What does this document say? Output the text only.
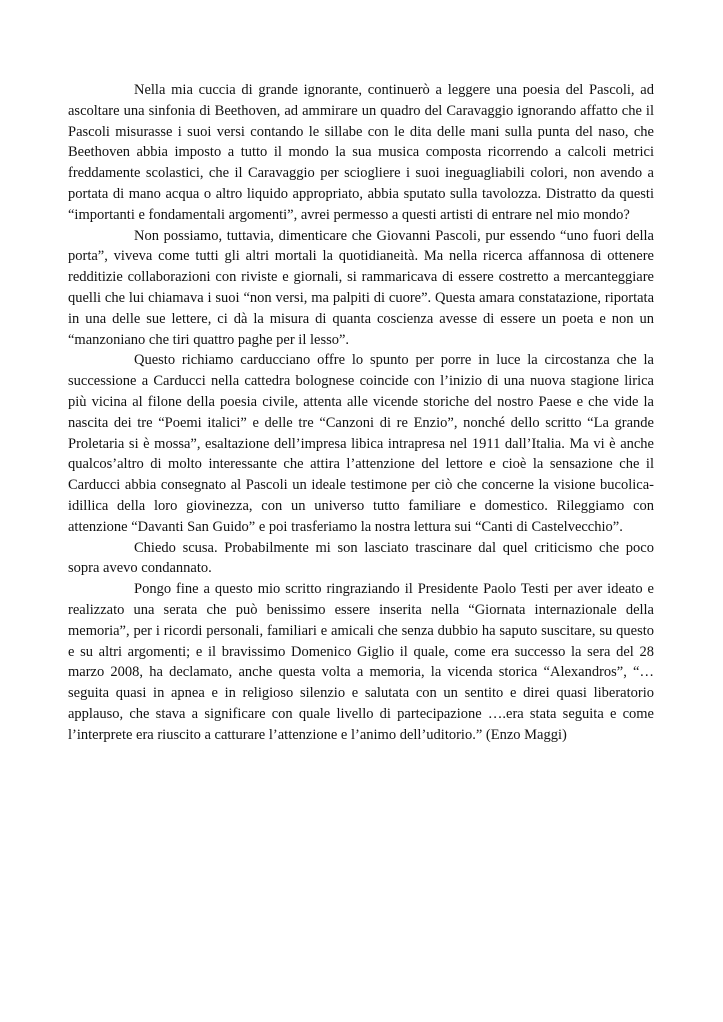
Nella mia cuccia di grande ignorante, continuerò a leggere una poesia del Pascoli, ad ascoltare una sinfonia di Beethoven, ad ammirare un quadro del Caravaggio ignorando affatto che il Pascoli misurasse i suoi versi contando le sillabe con le dita delle mani sulla punta del naso, che Beethoven abbia imposto a tutto il mondo la sua musica composta ricorrendo a calcoli metrici freddamente scolastici, che il Caravaggio per sciogliere i suoi ineguagliabili colori, non avendo a portata di mano acqua o altro liquido appropriato, abbia sputato sulla tavolozza. Distratto da questi “importanti e fondamentali argomenti”, avrei permesso a questi artisti di entrare nel mio mondo?

Non possiamo, tuttavia, dimenticare che Giovanni Pascoli, pur essendo “uno fuori della porta”, viveva come tutti gli altri mortali la quotidianeità. Ma nella ricerca affannosa di ottenere redditizie collaborazioni con riviste e giornali, si rammaricava di essere costretto a mercanteggiare quelli che lui chiamava i suoi “non versi, ma palpiti di cuore”. Questa amara constatazione, riportata in una delle sue lettere, ci dà la misura di quanta coscienza avesse di essere un poeta e non un “manzoniano che tiri quattro paghe per il lesso”.

Questo richiamo carducciano offre lo spunto per porre in luce la circostanza che la successione a Carducci nella cattedra bolognese coincide con l’inizio di una nuova stagione lirica più vicina al filone della poesia civile, attenta alle vicende storiche del nostro Paese e che vide la nascita dei tre “Poemi italici” e delle tre “Canzoni di re Enzio”, nonché dello scritto “La grande Proletaria si è mossa”, esaltazione dell’impresa libica intrapresa nel 1911 dall’Italia. Ma vi è anche qualcos’altro di molto interessante che attira l’attenzione del lettore e cioè la sensazione che il Carducci abbia consegnato al Pascoli un ideale testimone per ciò che concerne la visione bucolica-idillica della loro giovinezza, con un universo tutto familiare e domestico. Rileggiamo con attenzione “Davanti San Guido” e poi trasferiamo la nostra lettura sui “Canti di Castelvecchio”.

Chiedo scusa. Probabilmente mi son lasciato trascinare dal quel criticismo che poco sopra avevo condannato.

Pongo fine a questo mio scritto ringraziando il Presidente Paolo Testi per aver ideato e realizzato una serata che può benissimo essere inserita nella “Giornata internazionale della memoria”, per i ricordi personali, familiari e amicali che senza dubbio ha saputo suscitare, su questo e su altri argomenti; e il bravissimo Domenico Giglio il quale, come era successo la sera del 28 marzo 2008, ha declamato, anche questa volta a memoria, la vicenda storica “Alexandros”, “…seguita quasi in apnea e in religioso silenzio e salutata con un sentito e direi quasi liberatorio applauso, che stava a significare con quale livello di partecipazione ….era stata seguita e come l’interprete era riuscito a catturare l’attenzione e l’animo dell’uditorio.” (Enzo Maggi)
